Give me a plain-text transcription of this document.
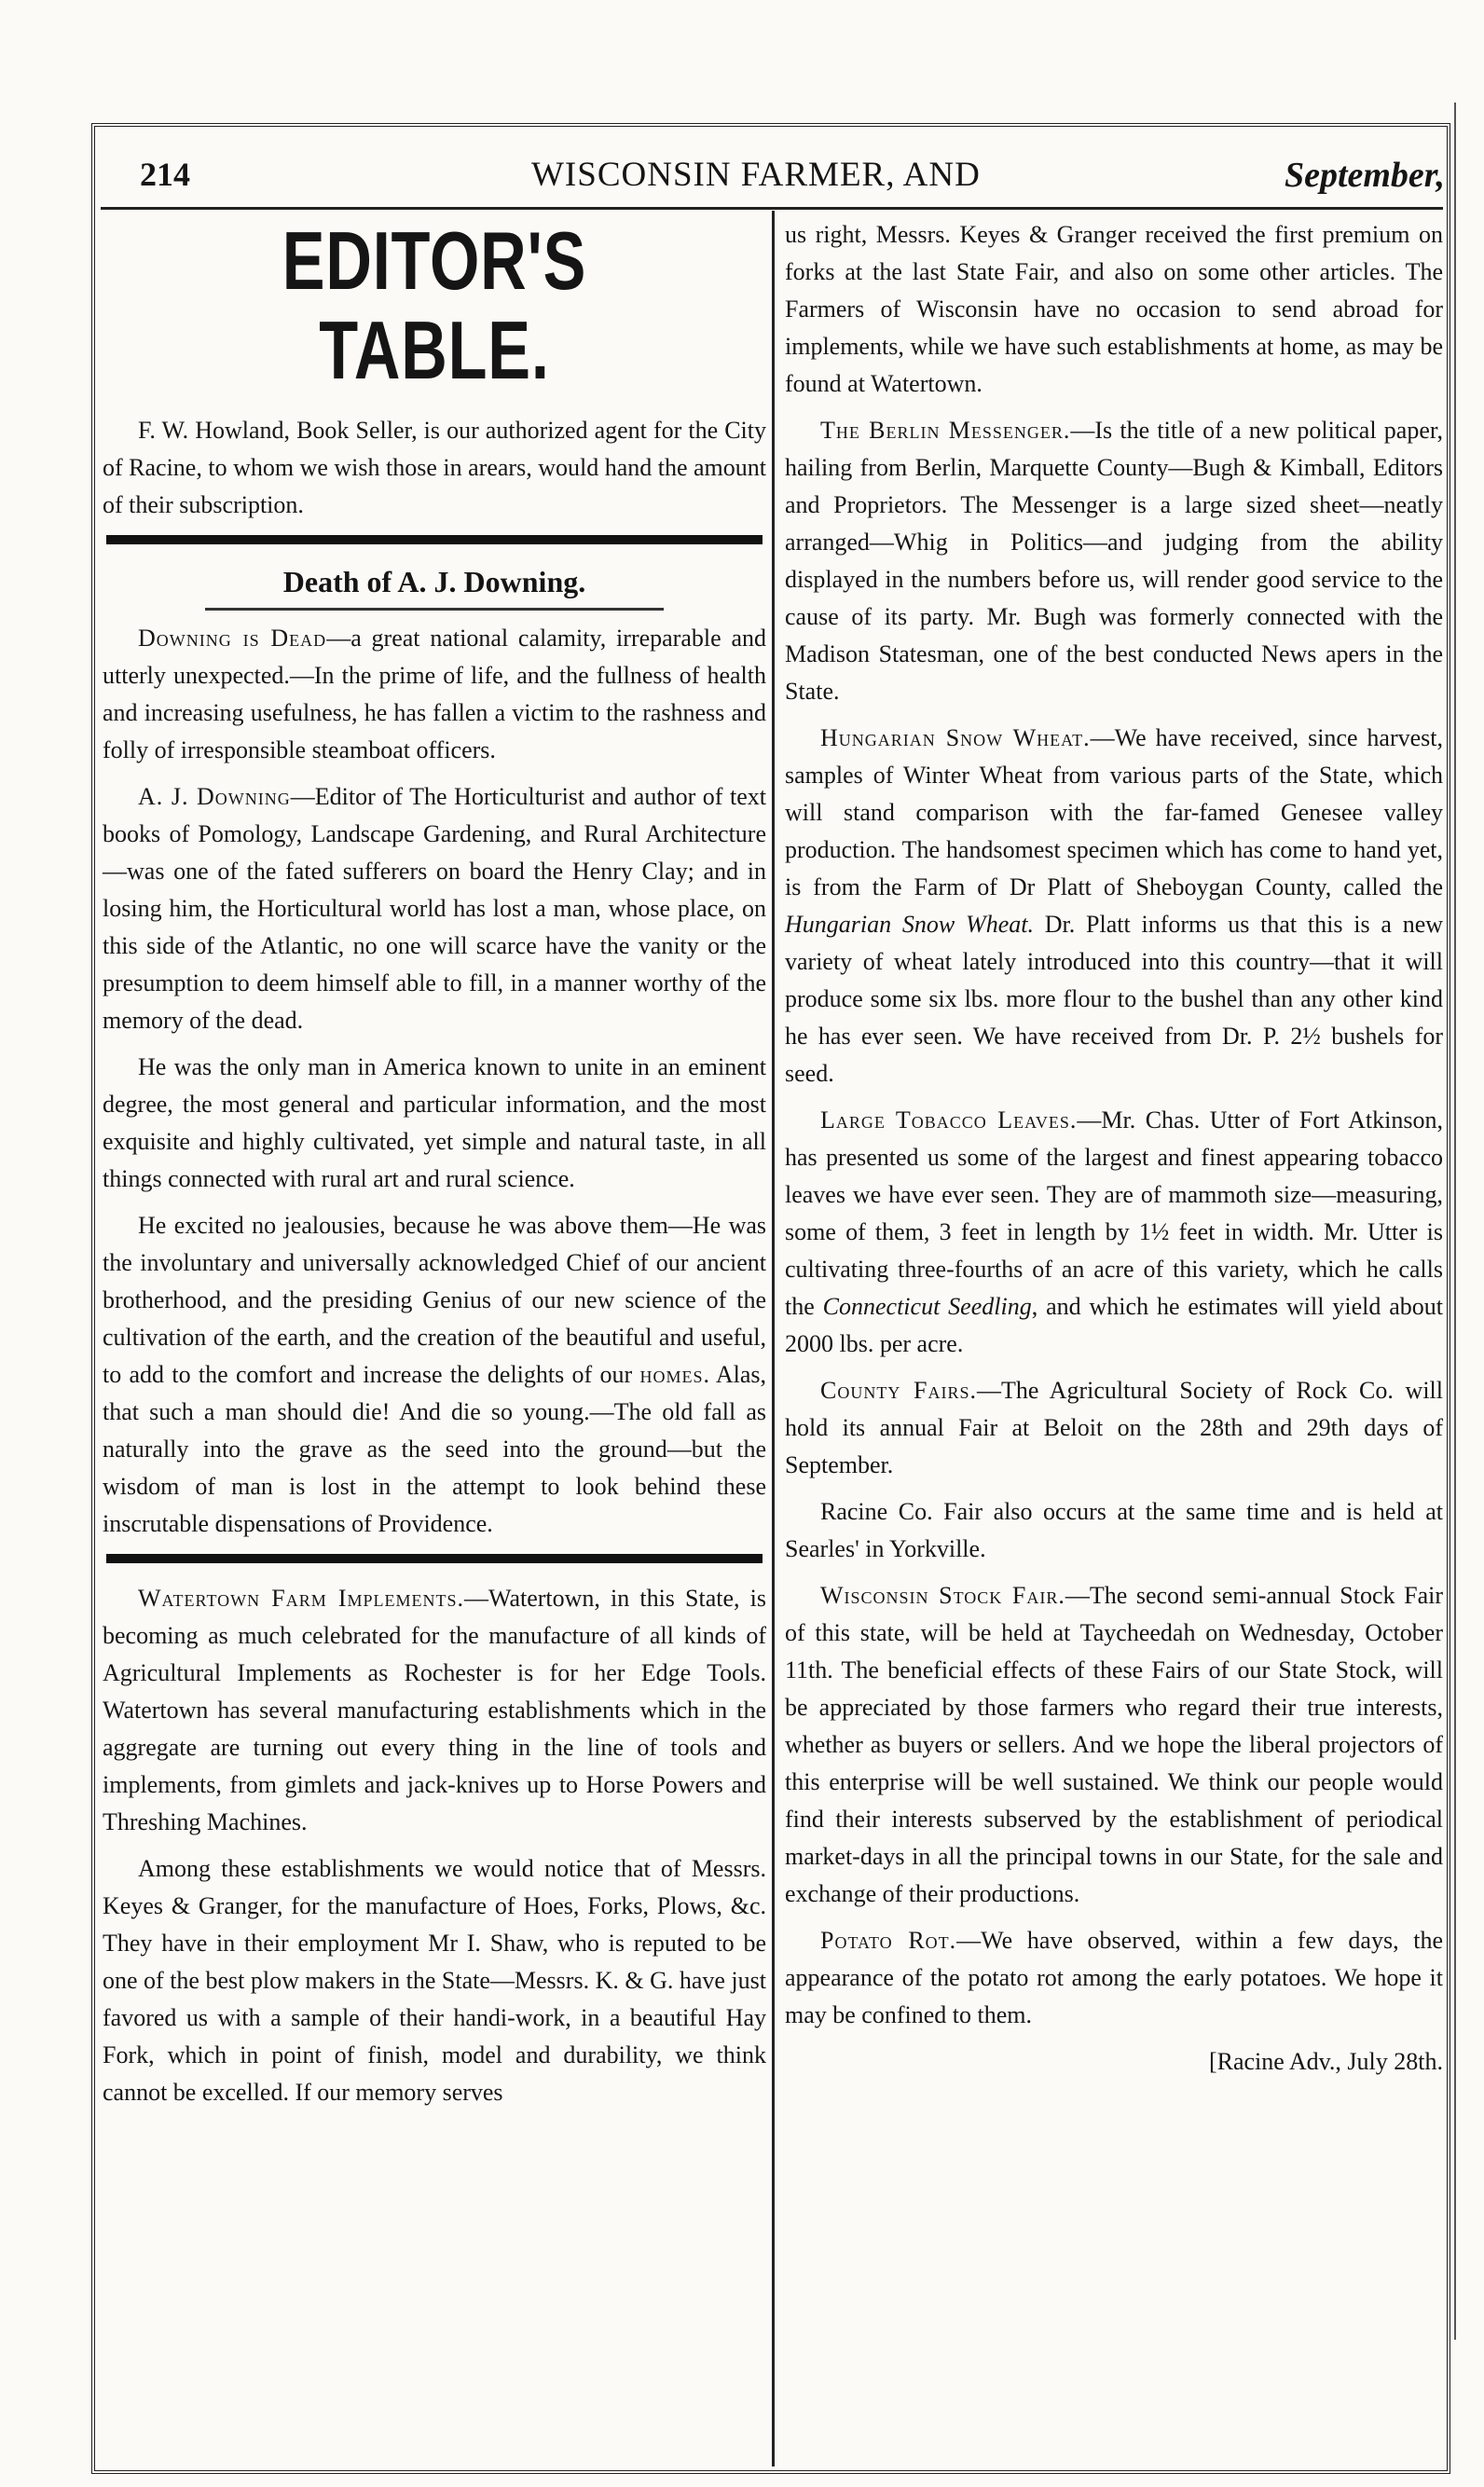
214	WISCONSIN FARMER, AND	September,
EDITOR'S TABLE.

F. W. Howland, Book Seller, is our authorized agent for the City of Racine, to whom we wish those in arears, would hand the amount of their subscription.

Death of A. J. Downing.

Downing is Dead—a great national calamity, irreparable and utterly unexpected.—In the prime of life, and the fullness of health and increasing usefulness, he has fallen a victim to the rashness and folly of irresponsible steamboat officers.

A. J. Downing—Editor of The Horticulturist and author of text books of Pomology, Landscape Gardening, and Rural Architecture—was one of the fated sufferers on board the Henry Clay; and in losing him, the Horticultural world has lost a man, whose place, on this side of the Atlantic, no one will scarce have the vanity or the presumption to deem himself able to fill, in a manner worthy of the memory of the dead.

He was the only man in America known to unite in an eminent degree, the most general and particular information, and the most exquisite and highly cultivated, yet simple and natural taste, in all things connected with rural art and rural science.

He excited no jealousies, because he was above them—He was the involuntary and universally acknowledged Chief of our ancient brotherhood, and the presiding Genius of our new science of the cultivation of the earth, and the creation of the beautiful and useful, to add to the comfort and increase the delights of our homes. Alas, that such a man should die! And die so young.—The old fall as naturally into the grave as the seed into the ground—but the wisdom of man is lost in the attempt to look behind these inscrutable dispensations of Providence.

Watertown Farm Implements.—Watertown, in this State, is becoming as much celebrated for the manufacture of all kinds of Agricultural Implements as Rochester is for her Edge Tools. Watertown has several manufacturing establishments which in the aggregate are turning out every thing in the line of tools and implements, from gimlets and jack-knives up to Horse Powers and Threshing Machines.

Among these establishments we would notice that of Messrs. Keyes & Granger, for the manufacture of Hoes, Forks, Plows, &c. They have in their employment Mr I. Shaw, who is reputed to be one of the best plow makers in the State—Messrs. K. & G. have just favored us with a sample of their handi-work, in a beautiful Hay Fork, which in point of finish, model and durability, we think cannot be excelled. If our memory serves

us right, Messrs. Keyes & Granger received the first premium on forks at the last State Fair, and also on some other articles. The Farmers of Wisconsin have no occasion to send abroad for implements, while we have such establishments at home, as may be found at Watertown.

The Berlin Messenger.—Is the title of a new political paper, hailing from Berlin, Marquette County—Bugh & Kimball, Editors and Proprietors. The Messenger is a large sized sheet—neatly arranged—Whig in Politics—and judging from the ability displayed in the numbers before us, will render good service to the cause of its party. Mr. Bugh was formerly connected with the Madison Statesman, one of the best conducted News apers in the State.

Hungarian Snow Wheat.—We have received, since harvest, samples of Winter Wheat from various parts of the State, which will stand comparison with the far-famed Genesee valley production. The handsomest specimen which has come to hand yet, is from the Farm of Dr Platt of Sheboygan County, called the Hungarian Snow Wheat. Dr. Platt informs us that this is a new variety of wheat lately introduced into this country—that it will produce some six lbs. more flour to the bushel than any other kind he has ever seen. We have received from Dr. P. 2½ bushels for seed.

Large Tobacco Leaves.—Mr. Chas. Utter of Fort Atkinson, has presented us some of the largest and finest appearing tobacco leaves we have ever seen. They are of mammoth size—measuring, some of them, 3 feet in length by 1½ feet in width. Mr. Utter is cultivating three-fourths of an acre of this variety, which he calls the Connecticut Seedling, and which he estimates will yield about 2000 lbs. per acre.

County Fairs.—The Agricultural Society of Rock Co. will hold its annual Fair at Beloit on the 28th and 29th days of September.

Racine Co. Fair also occurs at the same time and is held at Searles' in Yorkville.

Wisconsin Stock Fair.—The second semi-annual Stock Fair of this state, will be held at Taycheedah on Wednesday, October 11th. The beneficial effects of these Fairs of our State Stock, will be appreciated by those farmers who regard their true interests, whether as buyers or sellers. And we hope the liberal projectors of this enterprise will be well sustained. We think our people would find their interests subserved by the establishment of periodical market-days in all the principal towns in our State, for the sale and exchange of their productions.

Potato Rot.—We have observed, within a few days, the appearance of the potato rot among the early potatoes. We hope it may be confined to them.

[Racine Adv., July 28th.
